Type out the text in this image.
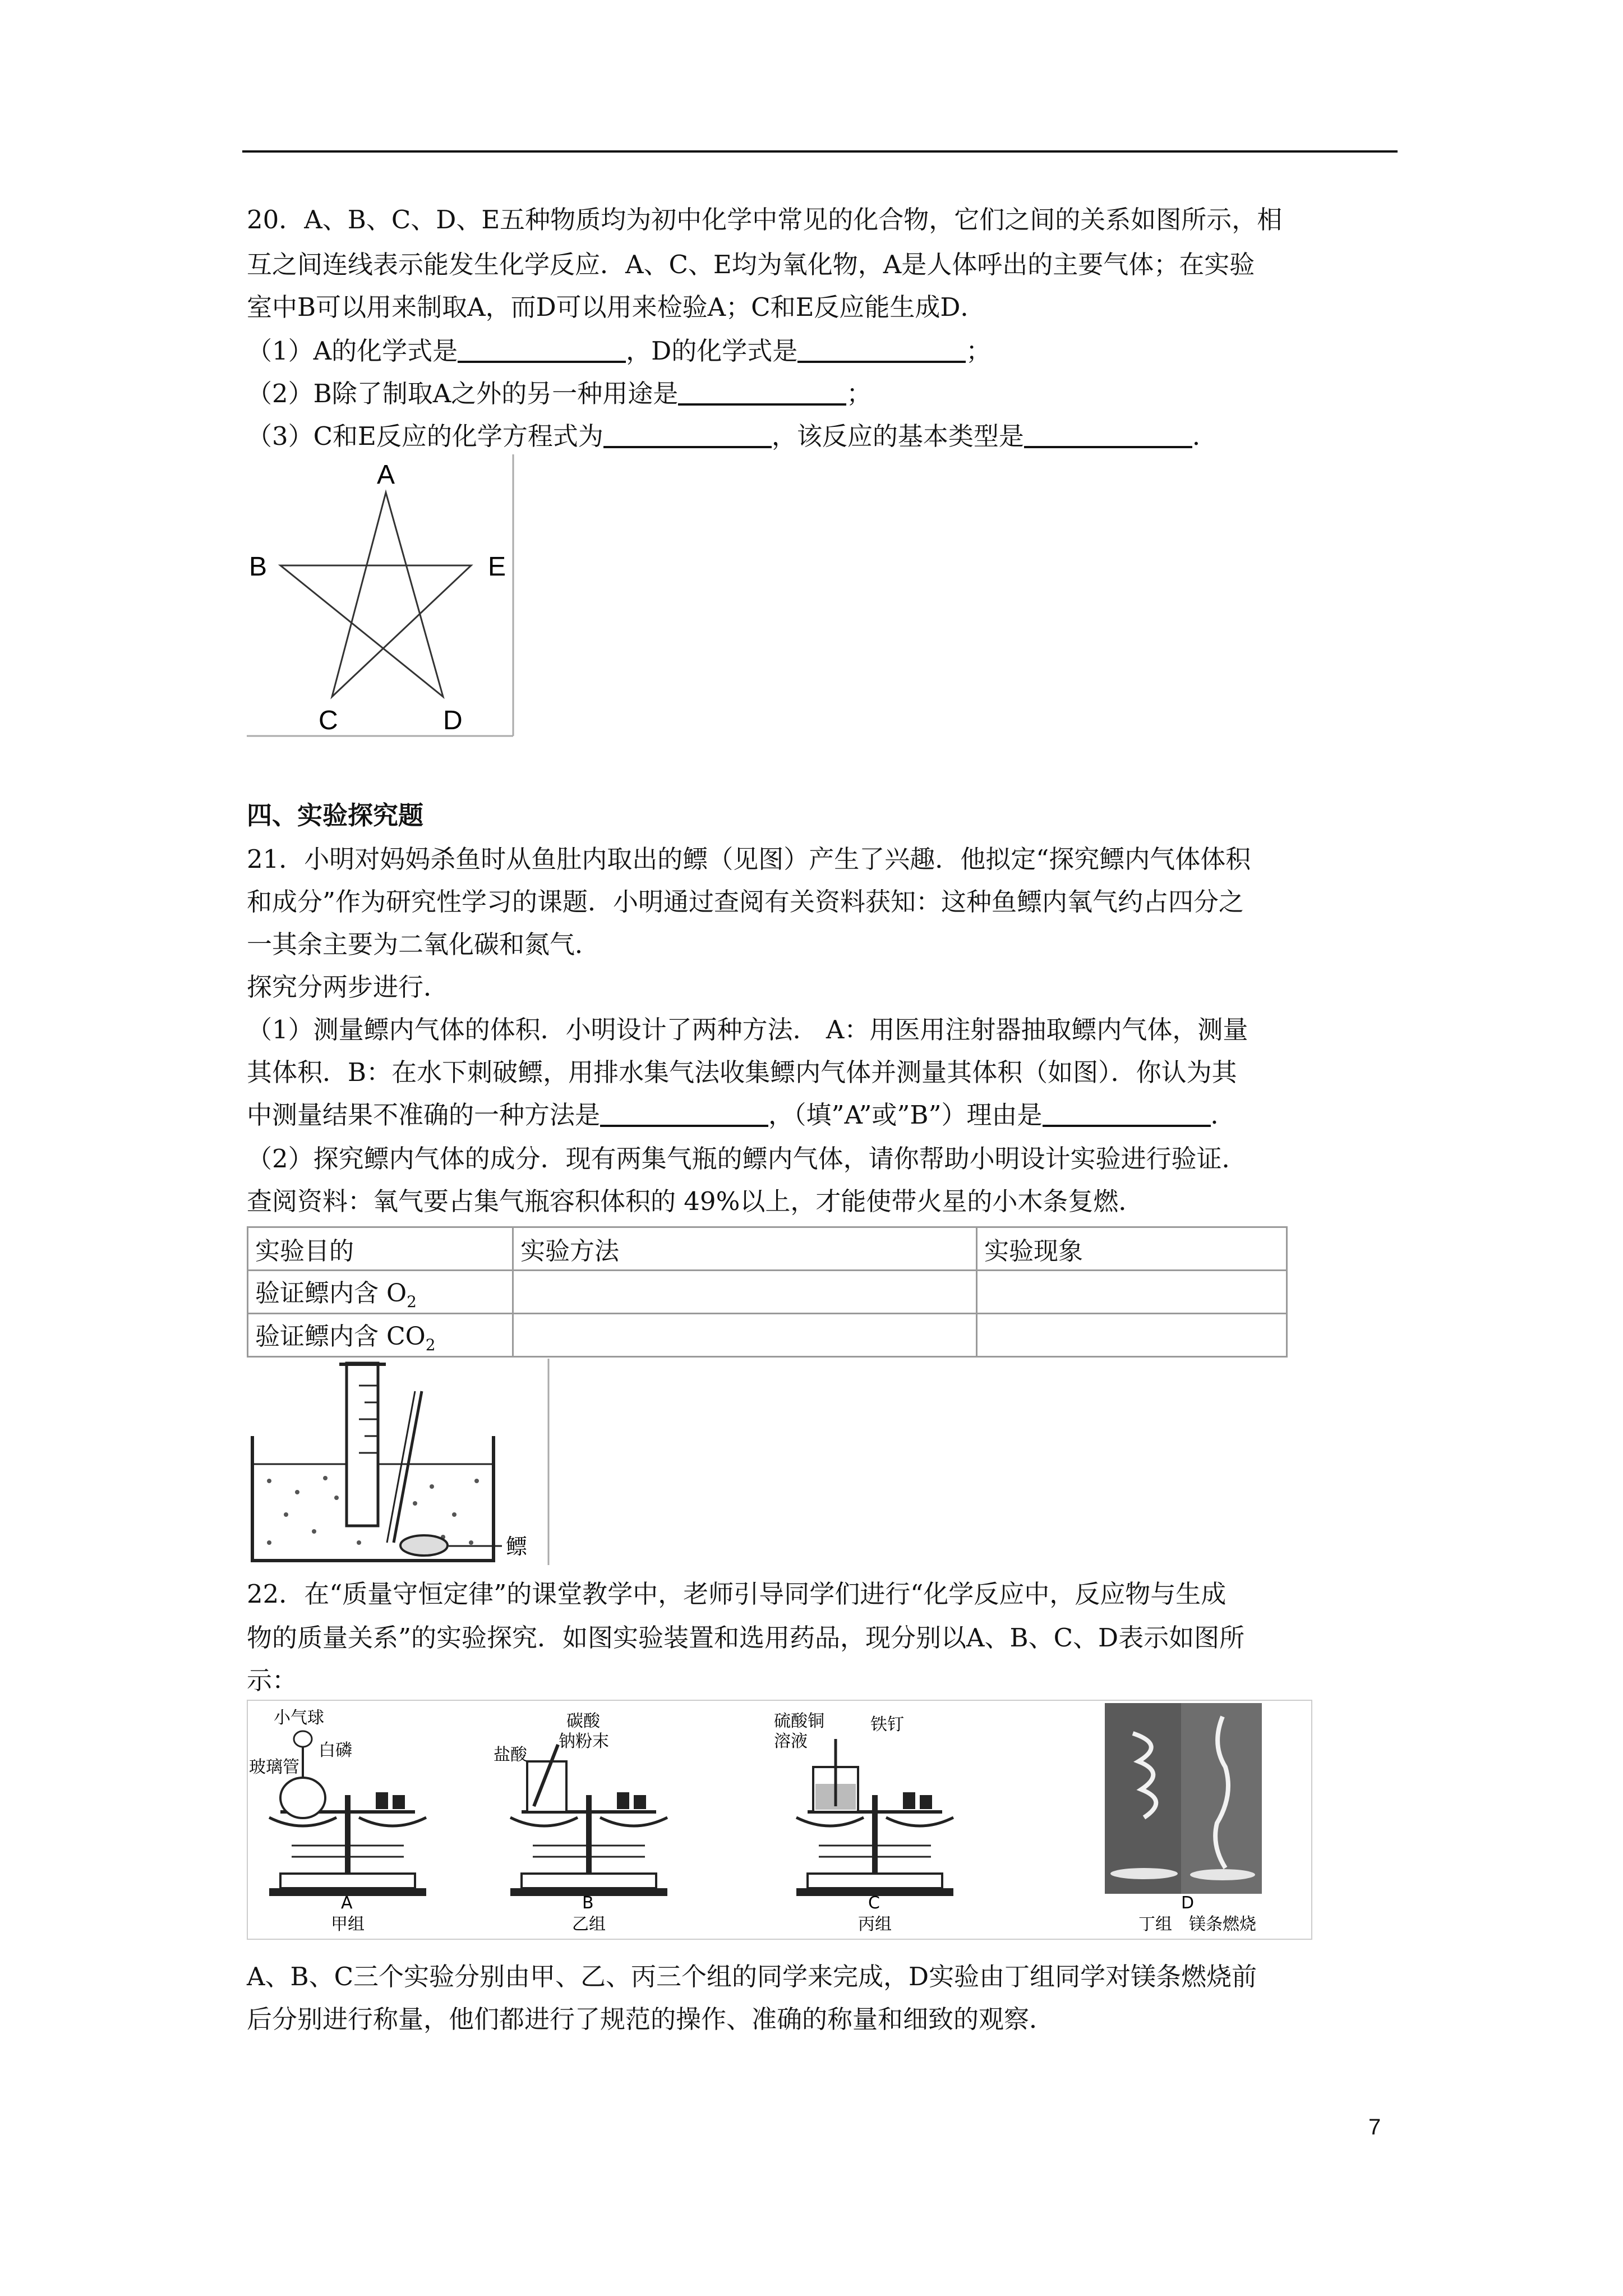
20．A、B、C、D、E五种物质均为初中化学中常见的化合物，它们之间的关系如图所示，相
互之间连线表示能发生化学反应．A、C、E均为氧化物，A是人体呼出的主要气体；在实验
室中B可以用来制取A，而D可以用来检验A；C和E反应能生成D．
（1）A的化学式是	，D的化学式是	；
（2）B除了制取A之外的另一种用途是	；
（3）C和E反应的化学方程式为	，该反应的基本类型是	．
A
B
C	D
E
四、实验探究题
21．小明对妈妈杀鱼时从鱼肚内取出的鳔（见图）产生了兴趣．他拟定“探究鳔内气体体积
和成分”作为研究性学习的课题．小明通过查阅有关资料获知：这种鱼鳔内氧气约占四分之
一其余主要为二氧化碳和氮气．
探究分两步进行．
（1）测量鳔内气体的体积．小明设计了两种方法． A：用医用注射器抽取鳔内气体，测量
其体积．B：在水下刺破鳔，用排水集气法收集鳔内气体并测量其体积（如图）．你认为其
中测量结果不准确的一种方法是	，（填”A”或”B”）理由是	．
（2）探究鳔内气体的成分．现有两集气瓶的鳔内气体，请你帮助小明设计实验进行验证．
查阅资料：氧气要占集气瓶容积体积的 49%以上，才能使带火星的小木条复燃．
实验目的	实验方法	实验现象
验证鳔内含 $O_2$		
验证鳔内含 $CO_2$		
鳔
22．在“质量守恒定律”的课堂教学中，老师引导同学们进行“化学反应中，反应物与生成
物的质量关系”的实验探究．如图实验装置和选用药品，现分别以A、B、C、D表示如图所
示：
小气球
白磷
玻璃管
A
甲组
盐酸
碳酸
钠粉末
B
乙组
硫酸铜
溶液
铁钉
C
丙组
D
丁组 镁条燃烧
A、B、C三个实验分别由甲、乙、丙三个组的同学来完成，D实验由丁组同学对镁条燃烧前
后分别进行称量，他们都进行了规范的操作、准确的称量和细致的观察．
7
